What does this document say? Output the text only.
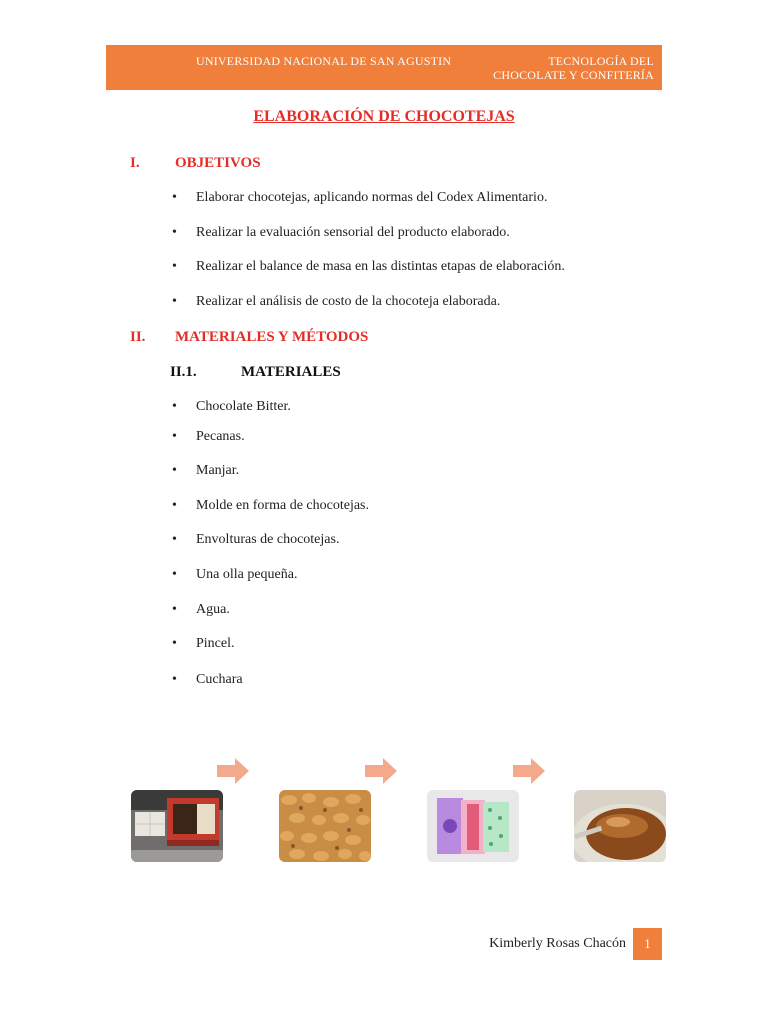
UNIVERSIDAD NACIONAL DE SAN AGUSTIN	TECNOLOGÍA DEL
CHOCOLATE Y CONFITERÍA
ELABORACIÓN DE CHOCOTEJAS
I. OBJETIVOS
• Elaborar chocotejas, aplicando normas del Codex Alimentario.
• Realizar la evaluación sensorial del producto elaborado.
• Realizar el balance de masa en las distintas etapas de elaboración.
• Realizar el análisis de costo de la chocoteja elaborada.
II. MATERIALES Y MÉTODOS
II.1.	MATERIALES
• Chocolate Bitter.
• Pecanas.
• Manjar.
• Molde en forma de chocotejas.
• Envolturas de chocotejas.
• Una olla pequeña.
• Agua.
• Pincel.
• Cuchara
Kimberly Rosas Chacón	1
